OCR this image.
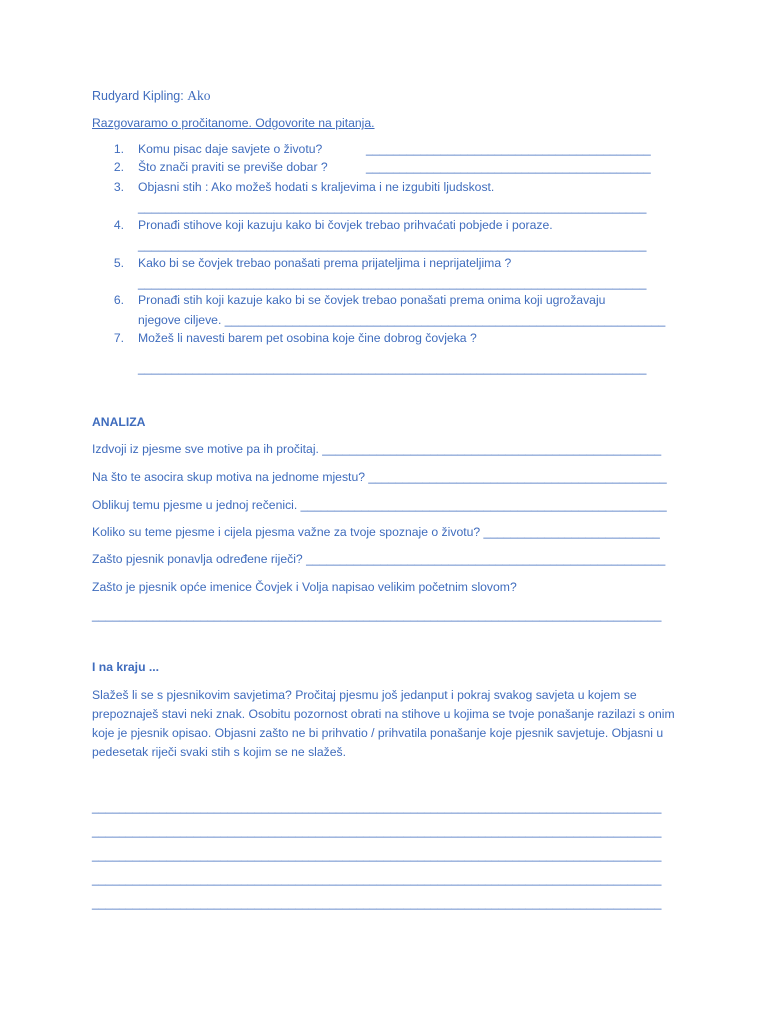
Rudyard Kipling: Ako
Razgovaramo o pročitanome. Odgovorite na pitanja.
1. Komu pisac daje savjete o životu?	__________________________________________
2. Što znači praviti se previše dobar ?	__________________________________________
3. Objasni stih : Ako možeš hodati s kraljevima i ne izgubiti ljudskost.
___________________________________________________________________________
4. Pronađi stihove koji kazuju kako bi čovjek trebao prihvaćati pobjede i poraze.
___________________________________________________________________________
5. Kako bi se čovjek trebao ponašati prema prijateljima i neprijateljima ?
___________________________________________________________________________
6. Pronađi stih koji kazuje kako bi se čovjek trebao ponašati prema onima koji ugrožavaju
njegove ciljeve. _________________________________________________________________
7. Možeš li navesti barem pet osobina koje čine dobrog čovjeka ?
___________________________________________________________________________
ANALIZA
Izdvoji iz pjesme sve motive pa ih pročitaj. __________________________________________________
Na što te asocira skup motiva na jednome mjestu? ____________________________________________
Oblikuj temu pjesme u jednoj rečenici. ______________________________________________________
Koliko su teme pjesme i cijela pjesma važne za tvoje spoznaje o životu? __________________________
Zašto pjesnik ponavlja određene riječi? _____________________________________________________
Zašto je pjesnik opće imenice Čovjek i Volja napisao velikim početnim slovom?
____________________________________________________________________________________
I na kraju ...
Slažeš li se s pjesnikovim savjetima? Pročitaj pjesmu još jedanput i pokraj svakog savjeta u kojem se prepoznaješ stavi neki znak. Osobitu pozornost obrati na stihove u kojima se tvoje ponašanje razilazi s onim koje je pjesnik opisao. Objasni zašto ne bi prihvatio / prihvatila ponašanje koje pjesnik savjetuje. Objasni u pedesetak riječi svaki stih s kojim se ne slažeš.
____________________________________________________________________________________
____________________________________________________________________________________
____________________________________________________________________________________
____________________________________________________________________________________
____________________________________________________________________________________
